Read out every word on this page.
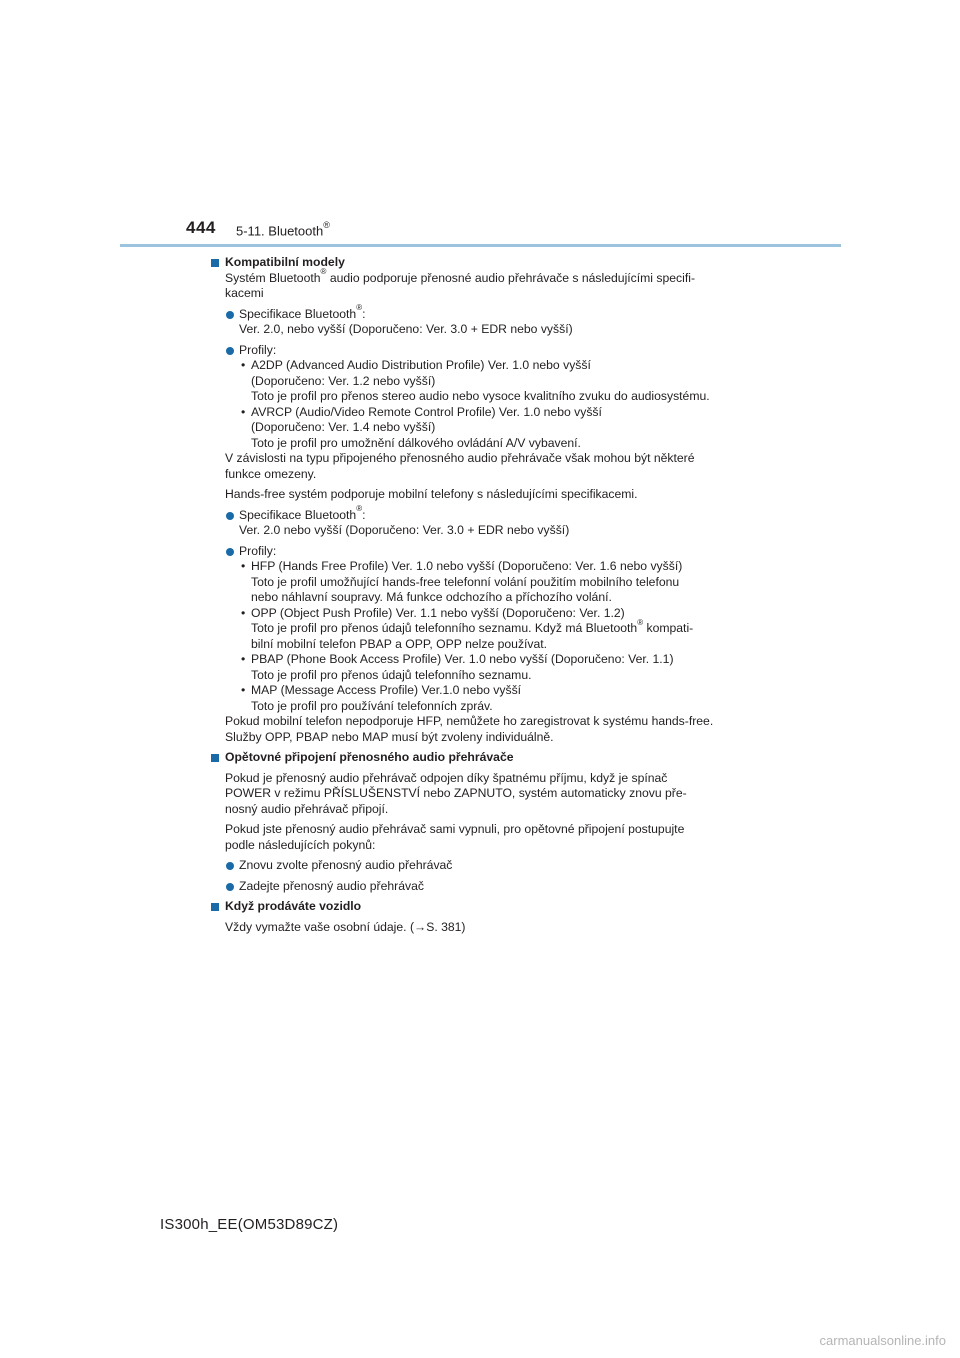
444 5-11. Bluetooth®
Kompatibilní modely
Systém Bluetooth® audio podporuje přenosné audio přehrávače s následujícími specifi-
kacemi
Specifikace Bluetooth®:
Ver. 2.0, nebo vyšší (Doporučeno: Ver. 3.0 + EDR nebo vyšší)
Profily:
• A2DP (Advanced Audio Distribution Profile) Ver. 1.0 nebo vyšší
(Doporučeno: Ver. 1.2 nebo vyšší)
Toto je profil pro přenos stereo audio nebo vysoce kvalitního zvuku do audiosystému.
• AVRCP (Audio/Video Remote Control Profile) Ver. 1.0 nebo vyšší
(Doporučeno: Ver. 1.4 nebo vyšší)
Toto je profil pro umožnění dálkového ovládání A/V vybavení.
V závislosti na typu připojeného přenosného audio přehrávače však mohou být některé
funkce omezeny.
Hands-free systém podporuje mobilní telefony s následujícími specifikacemi.
Specifikace Bluetooth®:
Ver. 2.0 nebo vyšší (Doporučeno: Ver. 3.0 + EDR nebo vyšší)
Profily:
• HFP (Hands Free Profile) Ver. 1.0 nebo vyšší (Doporučeno: Ver. 1.6 nebo vyšší)
Toto je profil umožňující hands-free telefonní volání použitím mobilního telefonu
nebo náhlavní soupravy. Má funkce odchozího a příchozího volání.
• OPP (Object Push Profile) Ver. 1.1 nebo vyšší (Doporučeno: Ver. 1.2)
Toto je profil pro přenos údajů telefonního seznamu. Když má Bluetooth® kompati-
bilní mobilní telefon PBAP a OPP, OPP nelze používat.
• PBAP (Phone Book Access Profile) Ver. 1.0 nebo vyšší (Doporučeno: Ver. 1.1)
Toto je profil pro přenos údajů telefonního seznamu.
• MAP (Message Access Profile) Ver.1.0 nebo vyšší
Toto je profil pro používání telefonních zpráv.
Pokud mobilní telefon nepodporuje HFP, nemůžete ho zaregistrovat k systému hands-free.
Služby OPP, PBAP nebo MAP musí být zvoleny individuálně.
Opětovné připojení přenosného audio přehrávače
Pokud je přenosný audio přehrávač odpojen díky špatnému příjmu, když je spínač
POWER v režimu PŘÍSLUŠENSTVÍ nebo ZAPNUTO, systém automaticky znovu pře-
nosný audio přehrávač připojí.
Pokud jste přenosný audio přehrávač sami vypnuli, pro opětovné připojení postupujte
podle následujících pokynů:
Znovu zvolte přenosný audio přehrávač
Zadejte přenosný audio přehrávač
Když prodáváte vozidlo
Vždy vymažte vaše osobní údaje. (→S. 381)
IS300h_EE(OM53D89CZ)
carmanualsonline.info
